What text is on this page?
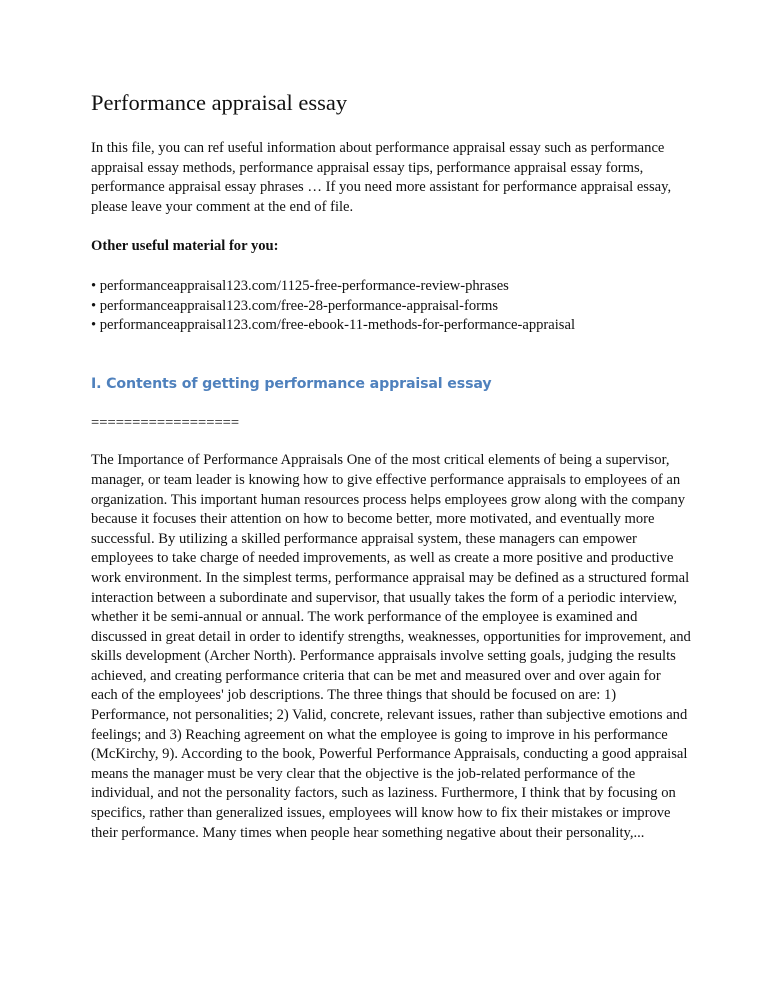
Performance appraisal essay

In this file, you can ref useful information about performance appraisal essay such as performance appraisal essay methods, performance appraisal essay tips, performance appraisal essay forms, performance appraisal essay phrases … If you need more assistant for performance appraisal essay, please leave your comment at the end of file.

Other useful material for you:

• performanceappraisal123.com/1125-free-performance-review-phrases

• performanceappraisal123.com/free-28-performance-appraisal-forms

• performanceappraisal123.com/free-ebook-11-methods-for-performance-appraisal

I. Contents of getting performance appraisal essay

==================

The Importance of Performance Appraisals One of the most critical elements of being a supervisor, manager, or team leader is knowing how to give effective performance appraisals to employees of an organization. This important human resources process helps employees grow along with the company because it focuses their attention on how to become better, more motivated, and eventually more successful. By utilizing a skilled performance appraisal system, these managers can empower employees to take charge of needed improvements, as well as create a more positive and productive work environment. In the simplest terms, performance appraisal may be defined as a structured formal interaction between a subordinate and supervisor, that usually takes the form of a periodic interview, whether it be semi-annual or annual. The work performance of the employee is examined and discussed in great detail in order to identify strengths, weaknesses, opportunities for improvement, and skills development (Archer North). Performance appraisals involve setting goals, judging the results achieved, and creating performance criteria that can be met and measured over and over again for each of the employees' job descriptions. The three things that should be focused on are: 1) Performance, not personalities; 2) Valid, concrete, relevant issues, rather than subjective emotions and feelings; and 3) Reaching agreement on what the employee is going to improve in his performance (McKirchy, 9). According to the book, Powerful Performance Appraisals, conducting a good appraisal means the manager must be very clear that the objective is the job-related performance of the individual, and not the personality factors, such as laziness. Furthermore, I think that by focusing on specifics, rather than generalized issues, employees will know how to fix their mistakes or improve their performance. Many times when people hear something negative about their personality,...
